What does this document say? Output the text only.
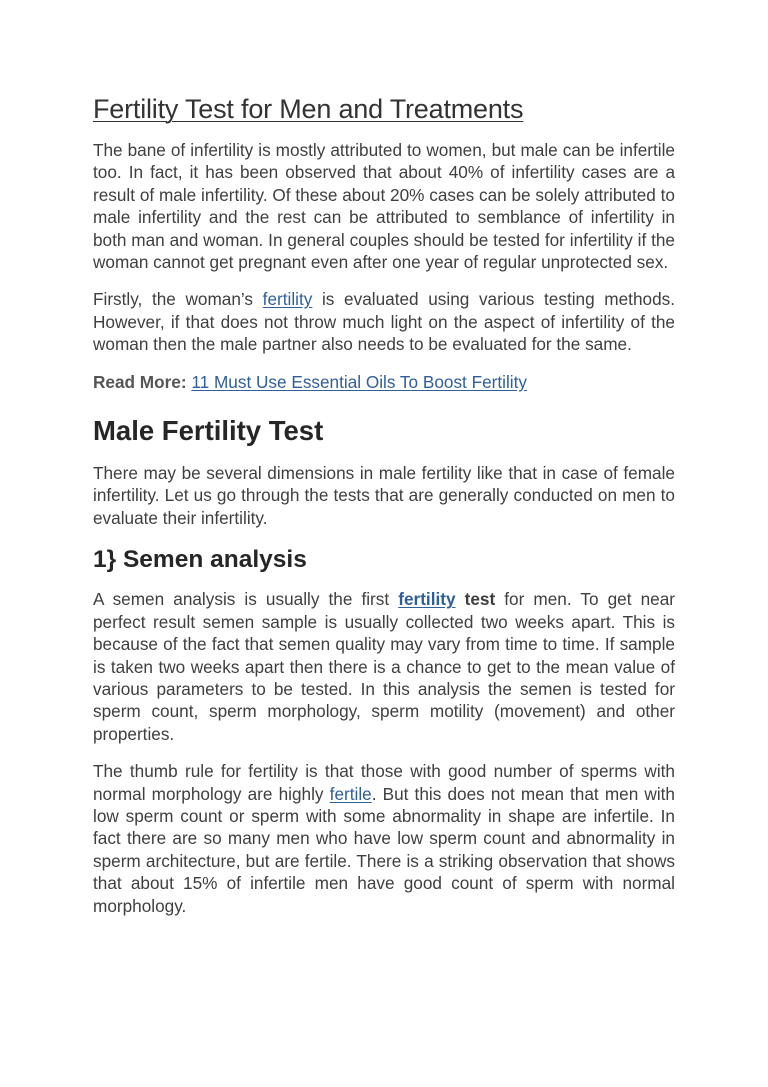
Fertility Test for Men and Treatments

The bane of infertility is mostly attributed to women, but male can be infertile too. In fact, it has been observed that about 40% of infertility cases are a result of male infertility. Of these about 20% cases can be solely attributed to male infertility and the rest can be attributed to semblance of infertility in both man and woman. In general couples should be tested for infertility if the woman cannot get pregnant even after one year of regular unprotected sex.

Firstly, the woman’s fertility is evaluated using various testing methods. However, if that does not throw much light on the aspect of infertility of the woman then the male partner also needs to be evaluated for the same.

Read More: 11 Must Use Essential Oils To Boost Fertility

Male Fertility Test

There may be several dimensions in male fertility like that in case of female infertility. Let us go through the tests that are generally conducted on men to evaluate their infertility.

1} Semen analysis

A semen analysis is usually the first fertility test for men. To get near perfect result semen sample is usually collected two weeks apart. This is because of the fact that semen quality may vary from time to time. If sample is taken two weeks apart then there is a chance to get to the mean value of various parameters to be tested. In this analysis the semen is tested for sperm count, sperm morphology, sperm motility (movement) and other properties.

The thumb rule for fertility is that those with good number of sperms with normal morphology are highly fertile. But this does not mean that men with low sperm count or sperm with some abnormality in shape are infertile. In fact there are so many men who have low sperm count and abnormality in sperm architecture, but are fertile. There is a striking observation that shows that about 15% of infertile men have good count of sperm with normal morphology.
